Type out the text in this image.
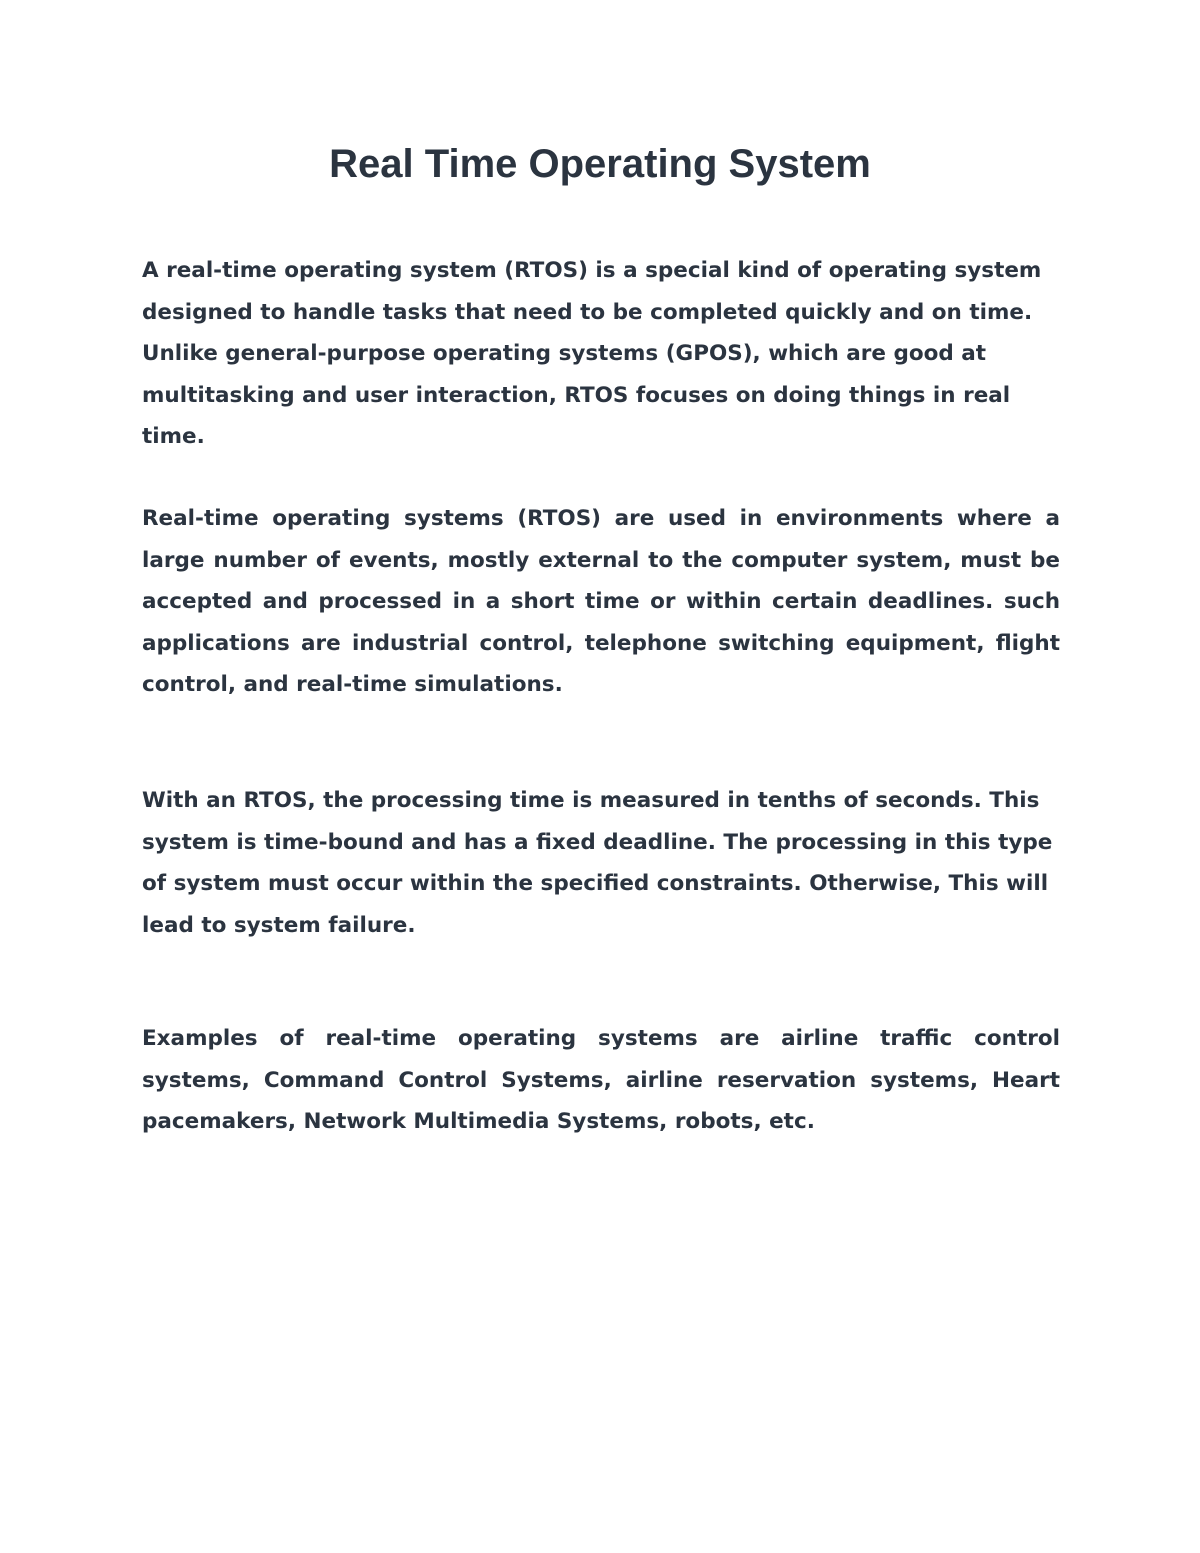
Real Time Operating System

A real-time operating system (RTOS) is a special kind of operating system designed to handle tasks that need to be completed quickly and on time. Unlike general-purpose operating systems (GPOS), which are good at multitasking and user interaction, RTOS focuses on doing things in real time.

Real-time operating systems (RTOS) are used in environments where a large number of events, mostly external to the computer system, must be accepted and processed in a short time or within certain deadlines. such applications are industrial control, telephone switching equipment, flight control, and real-time simulations.

With an RTOS, the processing time is measured in tenths of seconds. This system is time-bound and has a fixed deadline. The processing in this type of system must occur within the specified constraints. Otherwise, This will lead to system failure.

Examples of real-time operating systems are airline traffic control systems, Command Control Systems, airline reservation systems, Heart pacemakers, Network Multimedia Systems, robots, etc.
